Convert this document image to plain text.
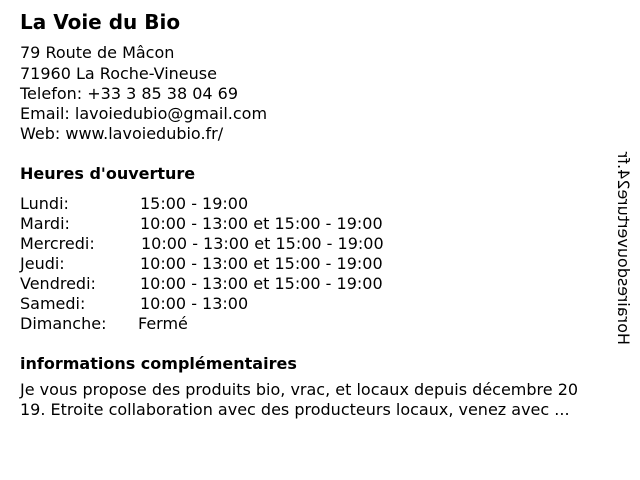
La Voie du Bio
79 Route de Mâcon
71960 La Roche-Vineuse
Telefon: +33 3 85 38 04 69
Email: lavoiedubio@gmail.com
Web: www.lavoiedubio.fr/
Heures d'ouverture
Lundi:	15:00 - 19:00
Mardi:	10:00 - 13:00 et 15:00 - 19:00
Mercredi:	10:00 - 13:00 et 15:00 - 19:00
Jeudi:	10:00 - 13:00 et 15:00 - 19:00
Vendredi:	10:00 - 13:00 et 15:00 - 19:00
Samedi:	10:00 - 13:00
Dimanche: Fermé
informations complémentaires
Je vous propose des produits bio, vrac, et locaux depuis décembre 20
19. Etroite collaboration avec des producteurs locaux, venez avec ...
Horairesdouverture24.fr
